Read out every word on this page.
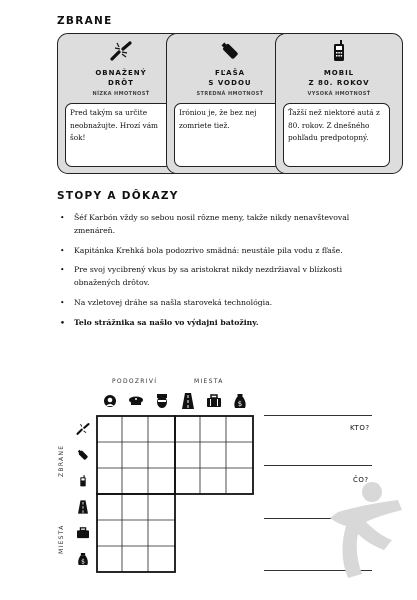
ZBRANE
OBNAŽENÝ
DRÔT
NÍZKA HMOTNOSŤ
Pred takým sa určite neobnažujte. Hrozí vám šok!
FĽAŠA
S VODOU
STREDNÁ HMOTNOSŤ
Iróniou je, že bez nej zomriete tiež.
MOBIL
Z 80. ROKOV
VYSOKÁ HMOTNOSŤ
Ťažší než niektoré autá z 80. rokov. Z dnešného pohľadu predpotopný.
STOPY A DÔKAZY
• Šéf Karbón vždy so sebou nosil rôzne meny, takže nikdy nenavštevoval zmenáreň.
• Kapitánka Krehká bola podozrivo smädná: neustále pila vodu z fľaše.
• Pre svoj vycibrený vkus by sa aristokrat nikdy nezdržiaval v blízkosti obnažených drôtov.
• Na vzletovej dráhe sa našla staroveká technológia.
• Telo strážnika sa našlo vo výdajni batožiny.
PODOZRIVÍ	MIESTA
ZBRANE
MIESTA
$
$
KTO?
ČO?
